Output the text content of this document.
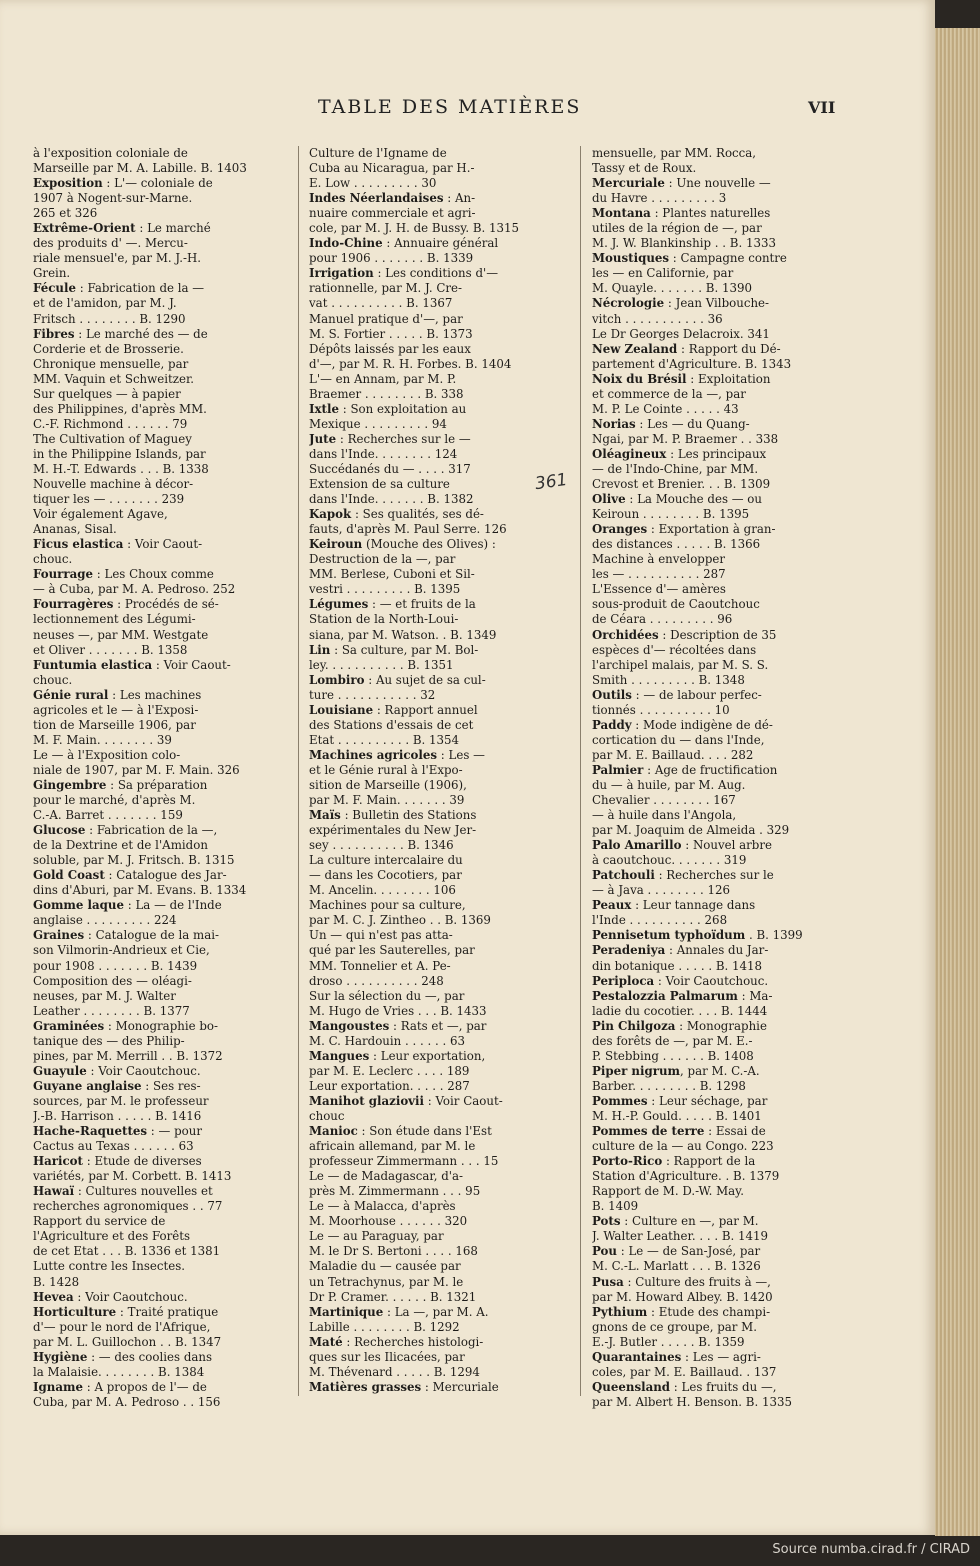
TABLE DES MATIÈRES	VII
à l'exposition coloniale de
Marseille par M. A. Labille. B. 1403
Exposition : L'— coloniale de
1907 à Nogent-sur-Marne.
265 et 326
Extrême-Orient : Le marché
des produits d' —. Mercu-
riale mensuel'e, par M. J.-H.
Grein.
Fécule : Fabrication de la —
et de l'amidon, par M. J.
Fritsch . . . . . . . . B. 1290
Fibres : Le marché des — de
Corderie et de Brosserie.
Chronique mensuelle, par
MM. Vaquin et Schweitzer.
Sur quelques — à papier
des Philippines, d'après MM.
C.-F. Richmond . . . . . . 79
The Cultivation of Maguey
in the Philippine Islands, par
M. H.-T. Edwards . . . B. 1338
Nouvelle machine à décor-
tiquer les — . . . . . . . 239
Voir également Agave,
Ananas, Sisal.
Ficus elastica : Voir Caout-
chouc.
Fourrage : Les Choux comme
— à Cuba, par M. A. Pedroso. 252
Fourragères : Procédés de sé-
lectionnement des Légumi-
neuses —, par MM. Westgate
et Oliver . . . . . . . B. 1358
Funtumia elastica : Voir Caout-
chouc.
Génie rural : Les machines
agricoles et le — à l'Exposi-
tion de Marseille 1906, par
M. F. Main. . . . . . . . 39
Le — à l'Exposition colo-
niale de 1907, par M. F. Main. 326
Gingembre : Sa préparation
pour le marché, d'après M.
C.-A. Barret . . . . . . . 159
Glucose : Fabrication de la —,
de la Dextrine et de l'Amidon
soluble, par M. J. Fritsch. B. 1315
Gold Coast : Catalogue des Jar-
dins d'Aburi, par M. Evans. B. 1334
Gomme laque : La — de l'Inde
anglaise . . . . . . . . . 224
Graines : Catalogue de la mai-
son Vilmorin-Andrieux et Cie,
pour 1908 . . . . . . . B. 1439
Composition des — oléagi-
neuses, par M. J. Walter
Leather . . . . . . . . B. 1377
Graminées : Monographie bo-
tanique des — des Philip-
pines, par M. Merrill . . B. 1372
Guayule : Voir Caoutchouc.
Guyane anglaise : Ses res-
sources, par M. le professeur
J.-B. Harrison . . . . . B. 1416
Hache-Raquettes : — pour
Cactus au Texas . . . . . . 63
Haricot : Etude de diverses
variétés, par M. Corbett. B. 1413
Hawaï : Cultures nouvelles et
recherches agronomiques . . 77
Rapport du service de
l'Agriculture et des Forêts
de cet Etat . . . B. 1336 et 1381
Lutte contre les Insectes.
B. 1428
Hevea : Voir Caoutchouc.
Horticulture : Traité pratique
d'— pour le nord de l'Afrique,
par M. L. Guillochon . . B. 1347
Hygiène : — des coolies dans
la Malaisie. . . . . . . . B. 1384
Igname : A propos de l'— de
Cuba, par M. A. Pedroso . . 156
Culture de l'Igname de
Cuba au Nicaragua, par H.-
E. Low . . . . . . . . . 30
Indes Néerlandaises : An-
nuaire commerciale et agri-
cole, par M. J. H. de Bussy. B. 1315
Indo-Chine : Annuaire général
pour 1906 . . . . . . . B. 1339
Irrigation : Les conditions d'—
rationnelle, par M. J. Cre-
vat . . . . . . . . . . B. 1367
Manuel pratique d'—, par
M. S. Fortier . . . . . B. 1373
Dépôts laissés par les eaux
d'—, par M. R. H. Forbes. B. 1404
L'— en Annam, par M. P.
Braemer . . . . . . . . B. 338
Ixtle : Son exploitation au
Mexique . . . . . . . . . 94
Jute : Recherches sur le —
dans l'Inde. . . . . . . . 124
Succédanés du — . . . . 317
Extension de sa culture
dans l'Inde. . . . . . . B. 1382
Kapok : Ses qualités, ses dé-
fauts, d'après M. Paul Serre. 126
Keiroun (Mouche des Olives) :
Destruction de la —, par
MM. Berlese, Cuboni et Sil-
vestri . . . . . . . . . B. 1395
Légumes : — et fruits de la
Station de la North-Loui-
siana, par M. Watson. . B. 1349
Lin : Sa culture, par M. Bol-
ley. . . . . . . . . . . B. 1351
Lombiro : Au sujet de sa cul-
ture . . . . . . . . . . . 32
Louisiane : Rapport annuel
des Stations d'essais de cet
Etat . . . . . . . . . . B. 1354
Machines agricoles : Les —
et le Génie rural à l'Expo-
sition de Marseille (1906),
par M. F. Main. . . . . . . 39
Maïs : Bulletin des Stations
expérimentales du New Jer-
sey . . . . . . . . . . B. 1346
La culture intercalaire du
— dans les Cocotiers, par
M. Ancelin. . . . . . . . 106
Machines pour sa culture,
par M. C. J. Zintheo . . B. 1369
Un — qui n'est pas atta-
qué par les Sauterelles, par
MM. Tonnelier et A. Pe-
droso . . . . . . . . . . 248
Sur la sélection du —, par
M. Hugo de Vries . . . B. 1433
Mangoustes : Rats et —, par
M. C. Hardouin . . . . . . 63
Mangues : Leur exportation,
par M. E. Leclerc . . . . 189
Leur exportation. . . . . 287
Manihot glaziovii : Voir Caout-
chouc
Manioc : Son étude dans l'Est
africain allemand, par M. le
professeur Zimmermann . . . 15
Le — de Madagascar, d'a-
près M. Zimmermann . . . 95
Le — à Malacca, d'après
M. Moorhouse . . . . . . 320
Le — au Paraguay, par
M. le Dr S. Bertoni . . . . 168
Maladie du — causée par
un Tetrachynus, par M. le
Dr P. Cramer. . . . . . B. 1321
Martinique : La —, par M. A.
Labille . . . . . . . . B. 1292
Maté : Recherches histologi-
ques sur les Ilicacées, par
M. Thévenard . . . . . B. 1294
Matières grasses : Mercuriale
mensuelle, par MM. Rocca,
Tassy et de Roux.
Mercuriale : Une nouvelle —
du Havre . . . . . . . . . 3
Montana : Plantes naturelles
utiles de la région de —, par
M. J. W. Blankinship . . B. 1333
Moustiques : Campagne contre
les — en Californie, par
M. Quayle. . . . . . . B. 1390
Nécrologie : Jean Vilbouche-
vitch . . . . . . . . . . . 36
Le Dr Georges Delacroix. 341
New Zealand : Rapport du Dé-
partement d'Agriculture. B. 1343
Noix du Brésil : Exploitation
et commerce de la —, par
M. P. Le Cointe . . . . . 43
Norias : Les — du Quang-
Ngai, par M. P. Braemer . . 338
Oléagineux : Les principaux
— de l'Indo-Chine, par MM.
Crevost et Brenier. . . B. 1309
Olive : La Mouche des — ou
Keiroun . . . . . . . . B. 1395
Oranges : Exportation à gran-
des distances . . . . . B. 1366
Machine à envelopper
les — . . . . . . . . . . 287
L'Essence d'— amères
sous-produit de Caoutchouc
de Céara . . . . . . . . . 96
Orchidées : Description de 35
espèces d'— récoltées dans
l'archipel malais, par M. S. S.
Smith . . . . . . . . . B. 1348
Outils : — de labour perfec-
tionnés . . . . . . . . . . 10
Paddy : Mode indigène de dé-
cortication du — dans l'Inde,
par M. E. Baillaud. . . . 282
Palmier : Age de fructification
du — à huile, par M. Aug.
Chevalier . . . . . . . . 167
— à huile dans l'Angola,
par M. Joaquim de Almeida . 329
Palo Amarillo : Nouvel arbre
à caoutchouc. . . . . . . 319
Patchouli : Recherches sur le
— à Java . . . . . . . . 126
Peaux : Leur tannage dans
l'Inde . . . . . . . . . . 268
Pennisetum typhoïdum . B. 1399
Peradeniya : Annales du Jar-
din botanique . . . . . B. 1418
Periploca : Voir Caoutchouc.
Pestalozzia Palmarum : Ma-
ladie du cocotier. . . . B. 1444
Pin Chilgoza : Monographie
des forêts de —, par M. E.-
P. Stebbing . . . . . . B. 1408
Piper nigrum, par M. C.-A.
Barber. . . . . . . . . B. 1298
Pommes : Leur séchage, par
M. H.-P. Gould. . . . . B. 1401
Pommes de terre : Essai de
culture de la — au Congo. 223
Porto-Rico : Rapport de la
Station d'Agriculture. . B. 1379
Rapport de M. D.-W. May.
B. 1409
Pots : Culture en —, par M.
J. Walter Leather. . . . B. 1419
Pou : Le — de San-José, par
M. C.-L. Marlatt . . . B. 1326
Pusa : Culture des fruits à —,
par M. Howard Albey. B. 1420
Pythium : Etude des champi-
gnons de ce groupe, par M.
E.-J. Butler . . . . . B. 1359
Quarantaines : Les — agri-
coles, par M. E. Baillaud. . 137
Queensland : Les fruits du —,
par M. Albert H. Benson. B. 1335
361
Source numba.cirad.fr / CIRAD
